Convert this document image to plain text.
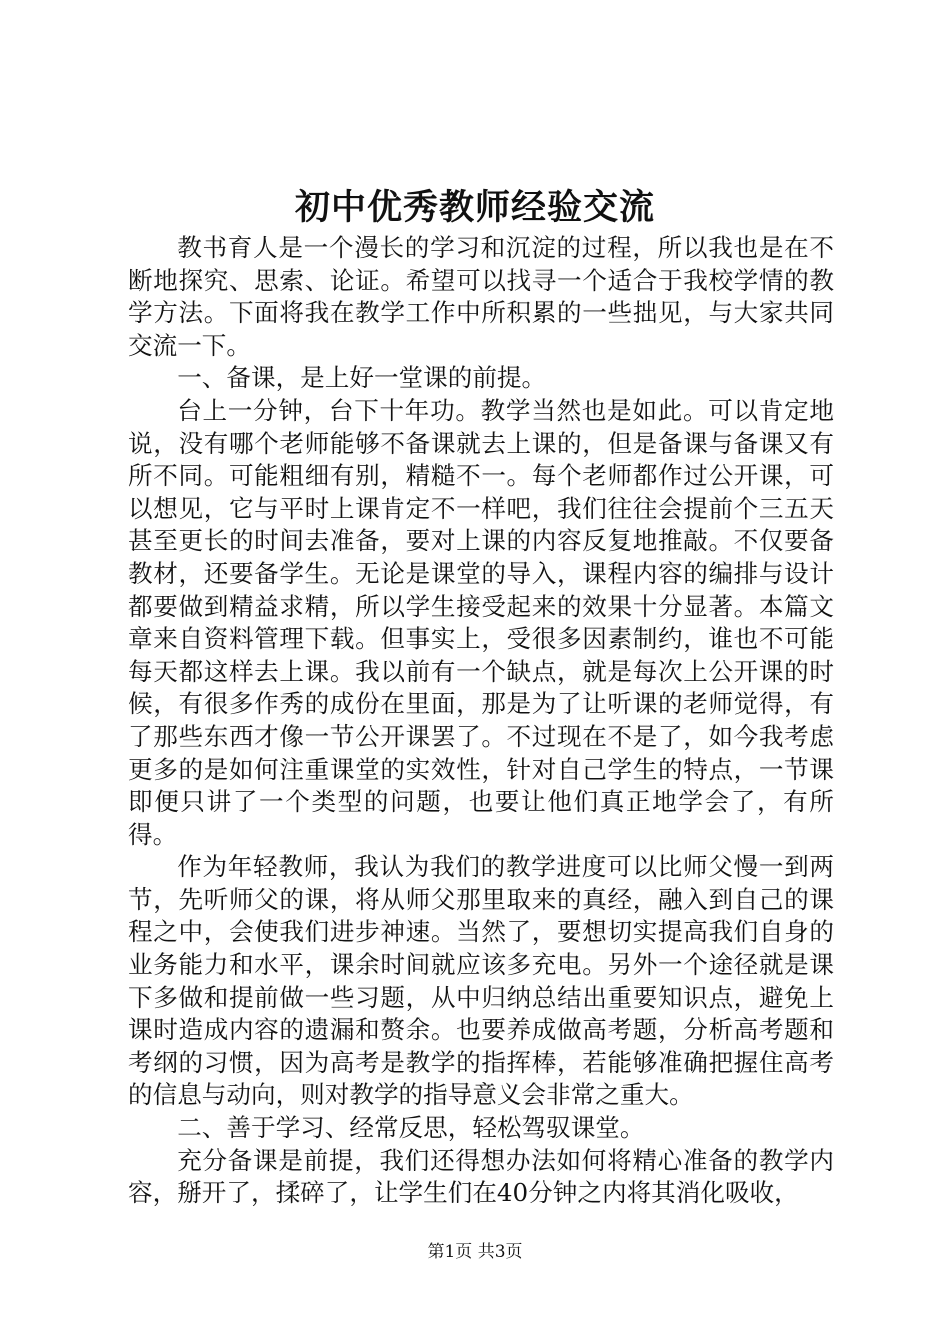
初中优秀教师经验交流

教书育人是一个漫长的学习和沉淀的过程，所以我也是在不断地探究、思索、论证。希望可以找寻一个适合于我校学情的教学方法。下面将我在教学工作中所积累的一些拙见，与大家共同交流一下。

一、备课，是上好一堂课的前提。

台上一分钟，台下十年功。教学当然也是如此。可以肯定地说，没有哪个老师能够不备课就去上课的，但是备课与备课又有所不同。可能粗细有别，精糙不一。每个老师都作过公开课，可以想见，它与平时上课肯定不一样吧，我们往往会提前个三五天甚至更长的时间去准备，要对上课的内容反复地推敲。不仅要备教材，还要备学生。无论是课堂的导入，课程内容的编排与设计都要做到精益求精，所以学生接受起来的效果十分显著。本篇文章来自资料管理下载。但事实上，受很多因素制约，谁也不可能每天都这样去上课。我以前有一个缺点，就是每次上公开课的时候，有很多作秀的成份在里面，那是为了让听课的老师觉得，有了那些东西才像一节公开课罢了。不过现在不是了，如今我考虑更多的是如何注重课堂的实效性，针对自己学生的特点，一节课即便只讲了一个类型的问题，也要让他们真正地学会了，有所得。

作为年轻教师，我认为我们的教学进度可以比师父慢一到两节，先听师父的课，将从师父那里取来的真经，融入到自己的课程之中，会使我们进步神速。当然了，要想切实提高我们自身的业务能力和水平，课余时间就应该多充电。另外一个途径就是课下多做和提前做一些习题，从中归纳总结出重要知识点，避免上课时造成内容的遗漏和赘余。也要养成做高考题，分析高考题和考纲的习惯，因为高考是教学的指挥棒，若能够准确把握住高考的信息与动向，则对教学的指导意义会非常之重大。

二、善于学习、经常反思，轻松驾驭课堂。

充分备课是前提，我们还得想办法如何将精心准备的教学内容，掰开了，揉碎了，让学生们在40分钟之内将其消化吸收，

第1页 共3页
